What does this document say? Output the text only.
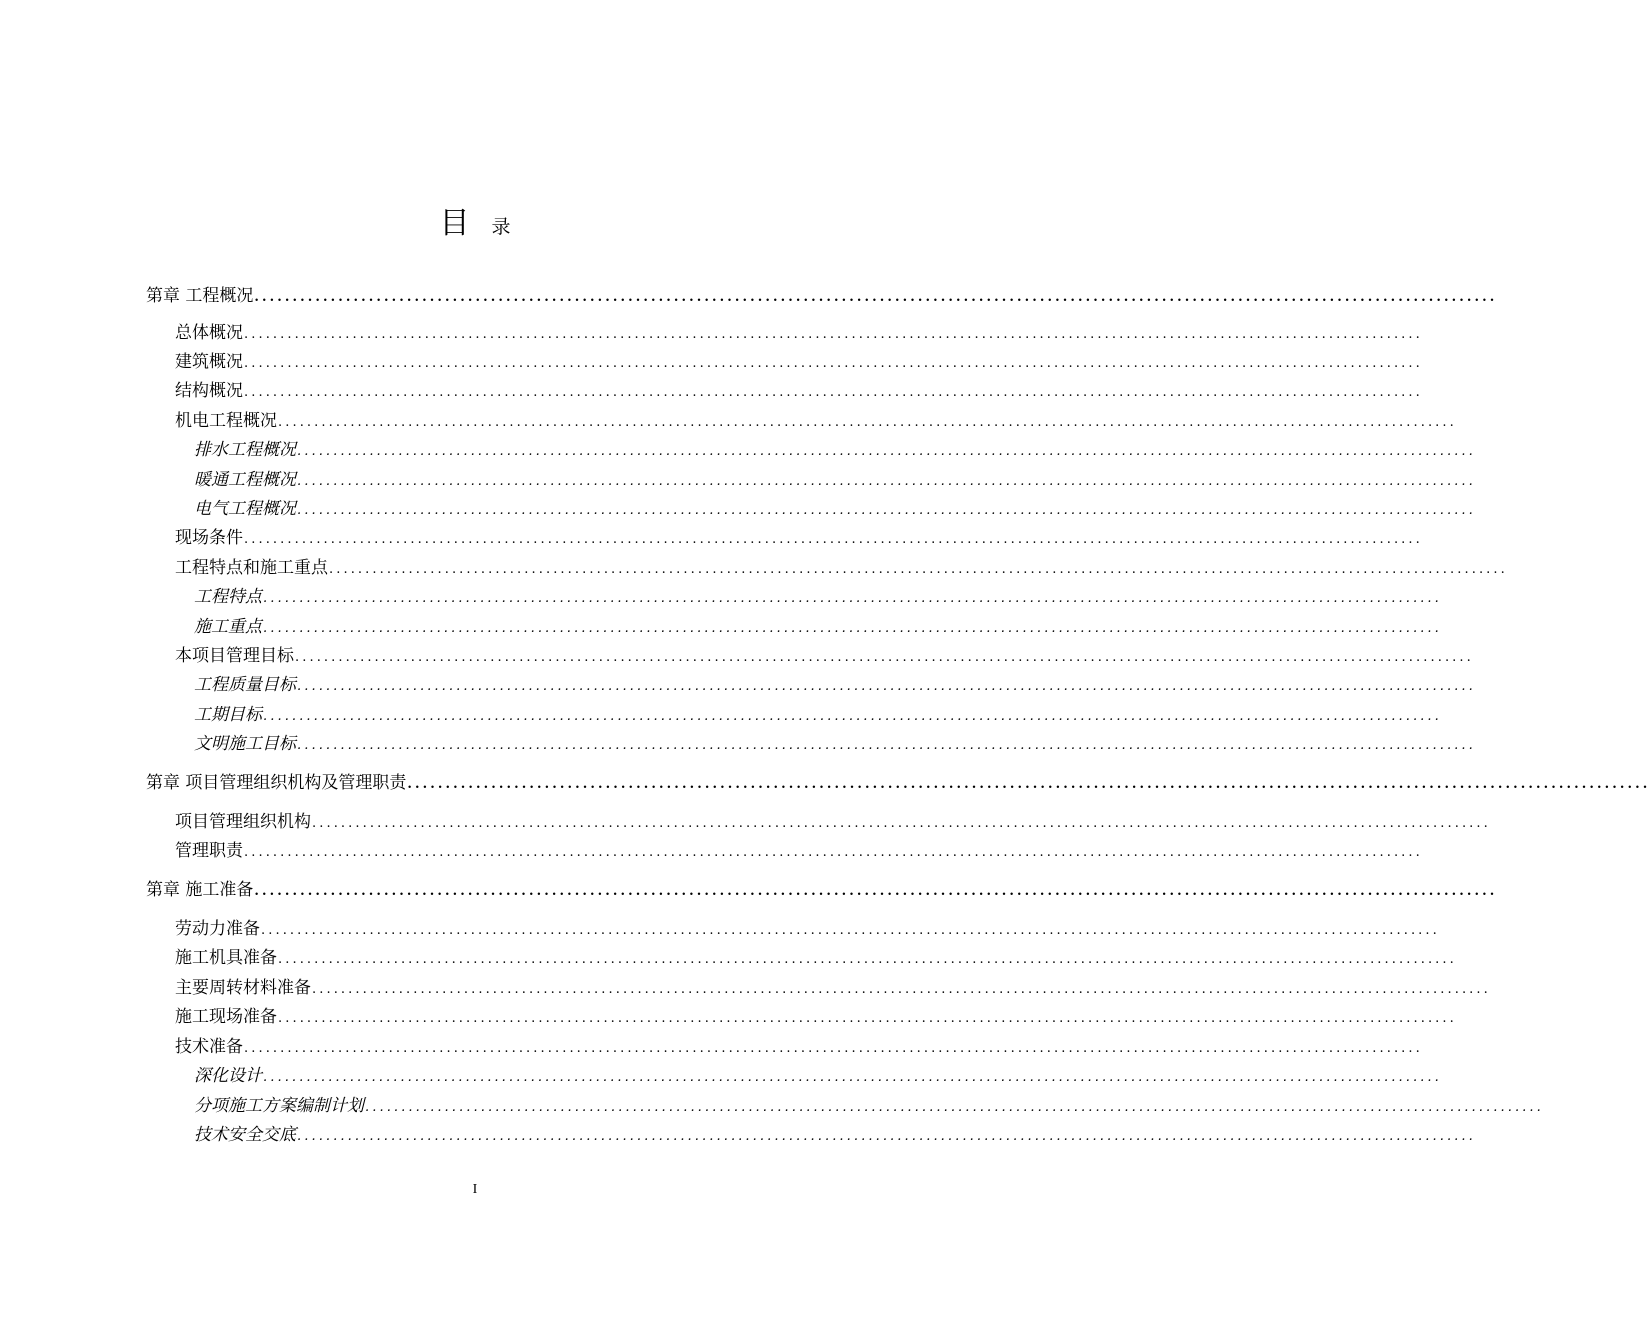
目 录
第章 工程概况 ...................................................................................................................................................................
总体概况 ...................................................................................................................................................................
建筑概况 ...................................................................................................................................................................
结构概况 ...................................................................................................................................................................
机电工程概况 ...................................................................................................................................................................
排水工程概况 ...................................................................................................................................................................
暖通工程概况 ...................................................................................................................................................................
电气工程概况 ...................................................................................................................................................................
现场条件 ...................................................................................................................................................................
工程特点和施工重点 ...................................................................................................................................................................
工程特点 ...................................................................................................................................................................
施工重点 ...................................................................................................................................................................
本项目管理目标 ...................................................................................................................................................................
工程质量目标 ...................................................................................................................................................................
工期目标 ...................................................................................................................................................................
文明施工目标 ...................................................................................................................................................................
第章 项目管理组织机构及管理职责 ...................................................................................................................................................................
项目管理组织机构 ...................................................................................................................................................................
管理职责 ...................................................................................................................................................................
第章 施工准备 ...................................................................................................................................................................
劳动力准备 ...................................................................................................................................................................
施工机具准备 ...................................................................................................................................................................
主要周转材料准备 ...................................................................................................................................................................
施工现场准备 ...................................................................................................................................................................
技术准备 ...................................................................................................................................................................
深化设计 ...................................................................................................................................................................
分项施工方案编制计划 ...................................................................................................................................................................
技术安全交底 ...................................................................................................................................................................
I
